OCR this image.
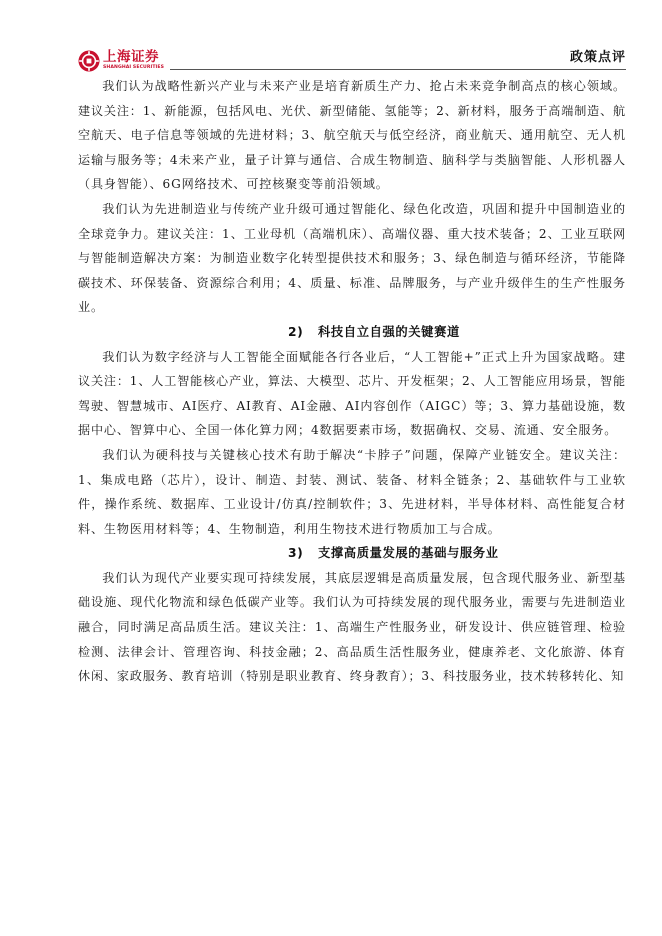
上海证券
SHANGHAI SECURITIES
政策点评

我们认为战略性新兴产业与未来产业是培育新质生产力、抢占未来竞争制高点的核心领域。建议关注：1、新能源，包括风电、光伏、新型储能、氢能等；2、新材料，服务于高端制造、航空航天、电子信息等领域的先进材料；3、航空航天与低空经济，商业航天、通用航空、无人机运输与服务等；4未来产业，量子计算与通信、合成生物制造、脑科学与类脑智能、人形机器人（具身智能）、6G网络技术、可控核聚变等前沿领域。

我们认为先进制造业与传统产业升级可通过智能化、绿色化改造，巩固和提升中国制造业的全球竞争力。建议关注：1、工业母机（高端机床）、高端仪器、重大技术装备；2、工业互联网与智能制造解决方案：为制造业数字化转型提供技术和服务；3、绿色制造与循环经济，节能降碳技术、环保装备、资源综合利用；4、质量、标准、品牌服务，与产业升级伴生的生产性服务业。

2) 科技自立自强的关键赛道

我们认为数字经济与人工智能全面赋能各行各业后，“人工智能+”正式上升为国家战略。建议关注：1、人工智能核心产业，算法、大模型、芯片、开发框架；2、人工智能应用场景，智能驾驶、智慧城市、AI医疗、AI教育、AI金融、AI内容创作（AIGC）等；3、算力基础设施，数据中心、智算中心、全国一体化算力网；4数据要素市场，数据确权、交易、流通、安全服务。

我们认为硬科技与关键核心技术有助于解决“卡脖子”问题，保障产业链安全。建议关注：1、集成电路（芯片），设计、制造、封装、测试、装备、材料全链条；2、基础软件与工业软件，操作系统、数据库、工业设计/仿真/控制软件；3、先进材料，半导体材料、高性能复合材料、生物医用材料等；4、生物制造，利用生物技术进行物质加工与合成。

3) 支撑高质量发展的基础与服务业

我们认为现代产业要实现可持续发展，其底层逻辑是高质量发展，包含现代服务业、新型基础设施、现代化物流和绿色低碳产业等。我们认为可持续发展的现代服务业，需要与先进制造业融合，同时满足高品质生活。建议关注：1、高端生产性服务业，研发设计、供应链管理、检验检测、法律会计、管理咨询、科技金融；2、高品质生活性服务业，健康养老、文化旅游、体育休闲、家政服务、教育培训（特别是职业教育、终身教育）；3、科技服务业，技术转移转化、知
